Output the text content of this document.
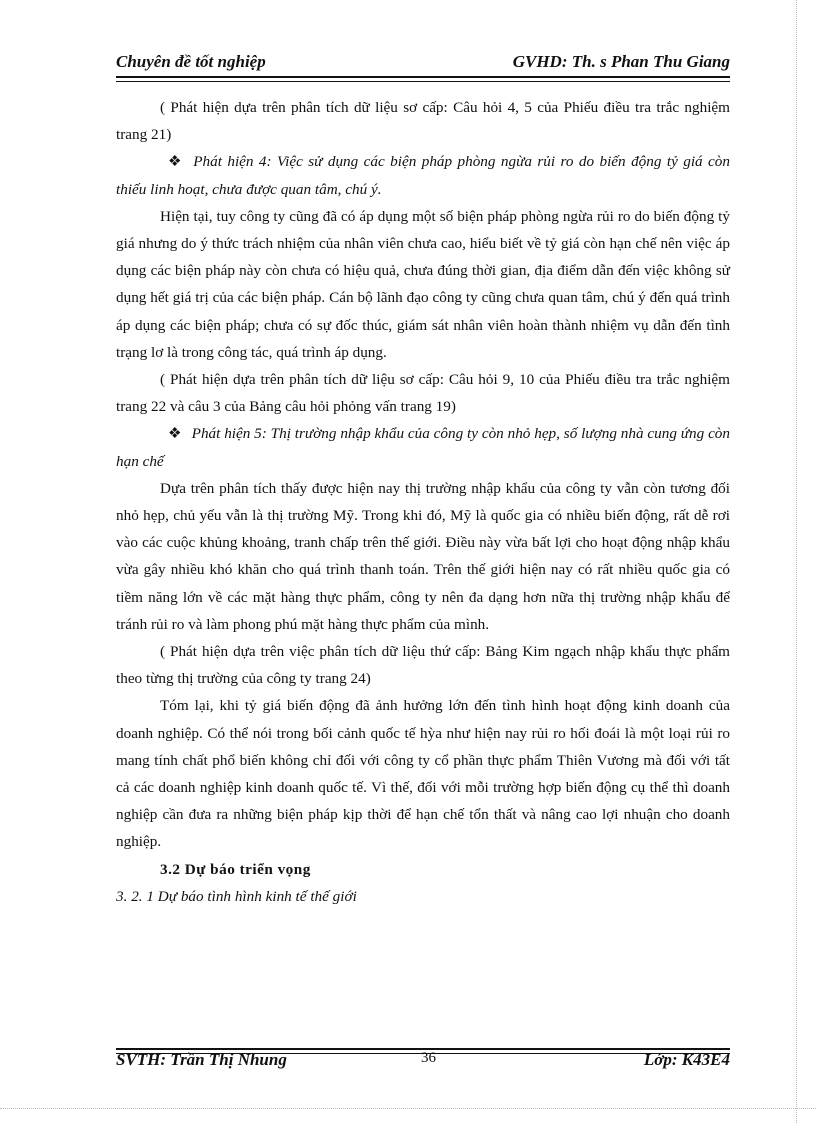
Chuyên đề tốt nghiệp	GVHD: Th. s Phan Thu Giang

( Phát hiện dựa trên phân tích dữ liệu sơ cấp: Câu hỏi 4, 5 của Phiếu điều tra trắc nghiệm trang 21)

❖ Phát hiện 4: Việc sử dụng các biện pháp phòng ngừa rủi ro do biến động tỷ giá còn thiếu linh hoạt, chưa được quan tâm, chú ý.

Hiện tại, tuy công ty cũng đã có áp dụng một số biện pháp phòng ngừa rủi ro do biến động tỷ giá nhưng do ý thức trách nhiệm của nhân viên chưa cao, hiểu biết về tỷ giá còn hạn chế nên việc áp dụng các biện pháp này còn chưa có hiệu quả, chưa đúng thời gian, địa điểm dẫn đến việc không sử dụng hết giá trị của các biện pháp. Cán bộ lãnh đạo công ty cũng chưa quan tâm, chú ý đến quá trình áp dụng các biện pháp; chưa có sự đốc thúc, giám sát nhân viên hoàn thành nhiệm vụ dẫn đến tình trạng lơ là trong công tác, quá trình áp dụng.

( Phát hiện dựa trên phân tích dữ liệu sơ cấp: Câu hỏi 9, 10 của Phiếu điều tra trắc nghiệm trang 22 và câu 3 của Bảng câu hỏi phỏng vấn trang 19)

❖ Phát hiện 5: Thị trường nhập khẩu của công ty còn nhỏ hẹp, số lượng nhà cung ứng còn hạn chế

Dựa trên phân tích thấy được hiện nay thị trường nhập khẩu của công ty vẫn còn tương đối nhỏ hẹp, chủ yếu vẫn là thị trường Mỹ. Trong khi đó, Mỹ là quốc gia có nhiều biến động, rất dễ rơi vào các cuộc khủng khoảng, tranh chấp trên thế giới. Điều này vừa bất lợi cho hoạt động nhập khẩu vừa gây nhiều khó khăn cho quá trình thanh toán. Trên thế giới hiện nay có rất nhiều quốc gia có tiềm năng lớn về các mặt hàng thực phẩm, công ty nên đa dạng hơn nữa thị trường nhập khẩu để tránh rủi ro và làm phong phú mặt hàng thực phẩm của mình.

( Phát hiện dựa trên việc phân tích dữ liệu thứ cấp: Bảng Kim ngạch nhập khẩu thực phẩm theo từng thị trường của công ty trang 24)

Tóm lại, khi tỷ giá biến động đã ảnh hưởng lớn đến tình hình hoạt động kinh doanh của doanh nghiệp. Có thể nói trong bối cảnh quốc tế hỳa như hiện nay rủi ro hối đoái là một loại rủi ro mang tính chất phổ biến không chỉ đối với công ty cổ phần thực phẩm Thiên Vương mà đối với tất cả các doanh nghiệp kinh doanh quốc tế. Vì thế, đối với mỗi trường hợp biến động cụ thể thì doanh nghiệp cần đưa ra những biện pháp kịp thời để hạn chế tổn thất và nâng cao lợi nhuận cho doanh nghiệp.

3.2 Dự báo triển vọng

3. 2. 1 Dự báo tình hình kinh tế thế giới

SVTH: Trần Thị Nhung	36	Lớp: K43E4
